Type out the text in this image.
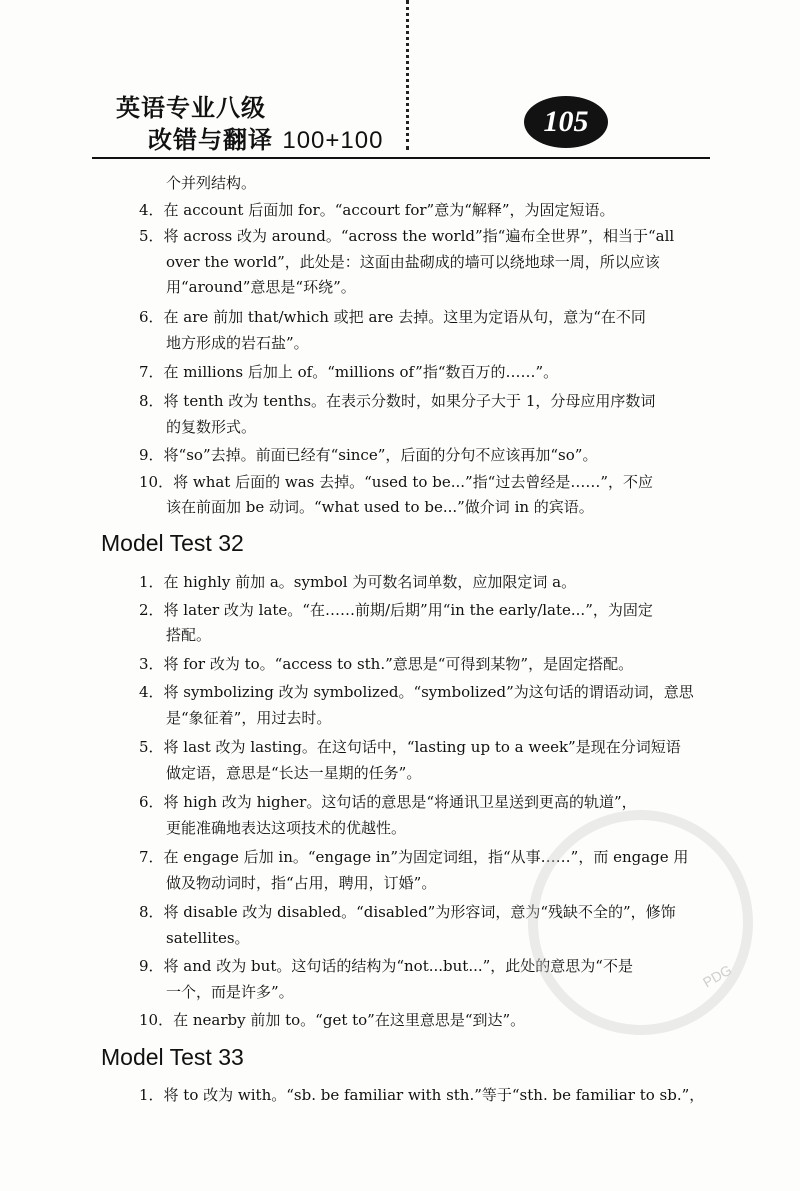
英语专业八级
改错与翻译 100+100
105
个并列结构。
4．在 account 后面加 for。“accourt for”意为“解释”，为固定短语。
5．将 across 改为 around。“across the world”指“遍布全世界”，相当于“all
over the world”，此处是：这面由盐砌成的墙可以绕地球一周，所以应该
用“around”意思是“环绕”。
6．在 are 前加 that/which 或把 are 去掉。这里为定语从句，意为“在不同
地方形成的岩石盐”。
7．在 millions 后加上 of。“millions of”指“数百万的……”。
8．将 tenth 改为 tenths。在表示分数时，如果分子大于 1，分母应用序数词
的复数形式。
9．将“so”去掉。前面已经有“since”，后面的分句不应该再加“so”。
10．将 what 后面的 was 去掉。“used to be...”指“过去曾经是……”，不应
该在前面加 be 动词。“what used to be...”做介词 in 的宾语。
Model Test 32
1．在 highly 前加 a。symbol 为可数名词单数，应加限定词 a。
2．将 later 改为 late。“在……前期/后期”用“in the early/late...”，为固定
搭配。
3．将 for 改为 to。“access to sth.”意思是“可得到某物”，是固定搭配。
4．将 symbolizing 改为 symbolized。“symbolized”为这句话的谓语动词，意思
是“象征着”，用过去时。
5．将 last 改为 lasting。在这句话中，“lasting up to a week”是现在分词短语
做定语，意思是“长达一星期的任务”。
6．将 high 改为 higher。这句话的意思是“将通讯卫星送到更高的轨道”，
更能准确地表达这项技术的优越性。
7．在 engage 后加 in。“engage in”为固定词组，指“从事……”，而 engage 用
做及物动词时，指“占用，聘用，订婚”。
8．将 disable 改为 disabled。“disabled”为形容词，意为“残缺不全的”，修饰
satellites。
9．将 and 改为 but。这句话的结构为“not...but...”，此处的意思为“不是
一个，而是许多”。
10．在 nearby 前加 to。“get to”在这里意思是“到达”。
Model Test 33
1．将 to 改为 with。“sb. be familiar with sth.”等于“sth. be familiar to sb.”，
PDG
